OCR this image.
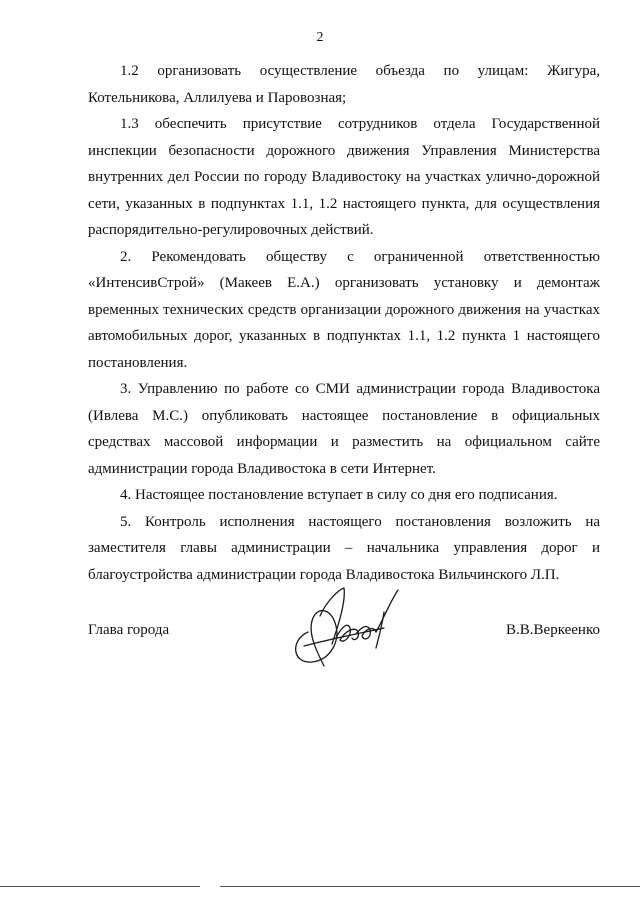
2

1.2 организовать осуществление объезда по улицам: Жигура, Котельникова, Аллилуева и Паровозная;

1.3 обеспечить присутствие сотрудников отдела Государственной инспекции безопасности дорожного движения Управления Министерства внутренних дел России по городу Владивостоку на участках улично-дорожной сети, указанных в подпунктах 1.1, 1.2 настоящего пункта, для осуществления распорядительно-регулировочных действий.

2. Рекомендовать обществу с ограниченной ответственностью «ИнтенсивСтрой» (Макеев Е.А.) организовать установку и демонтаж временных технических средств организации дорожного движения на участках автомобильных дорог, указанных в подпунктах 1.1, 1.2 пункта 1 настоящего постановления.

3. Управлению по работе со СМИ администрации города Владивостока (Ивлева М.С.) опубликовать настоящее постановление в официальных средствах массовой информации и разместить на официальном сайте администрации города Владивостока в сети Интернет.

4. Настоящее постановление вступает в силу со дня его подписания.

5. Контроль исполнения настоящего постановления возложить на заместителя главы администрации – начальника управления дорог и благоустройства администрации города Владивостока Вильчинского Л.П.

Глава города	В.В.Веркеенко
